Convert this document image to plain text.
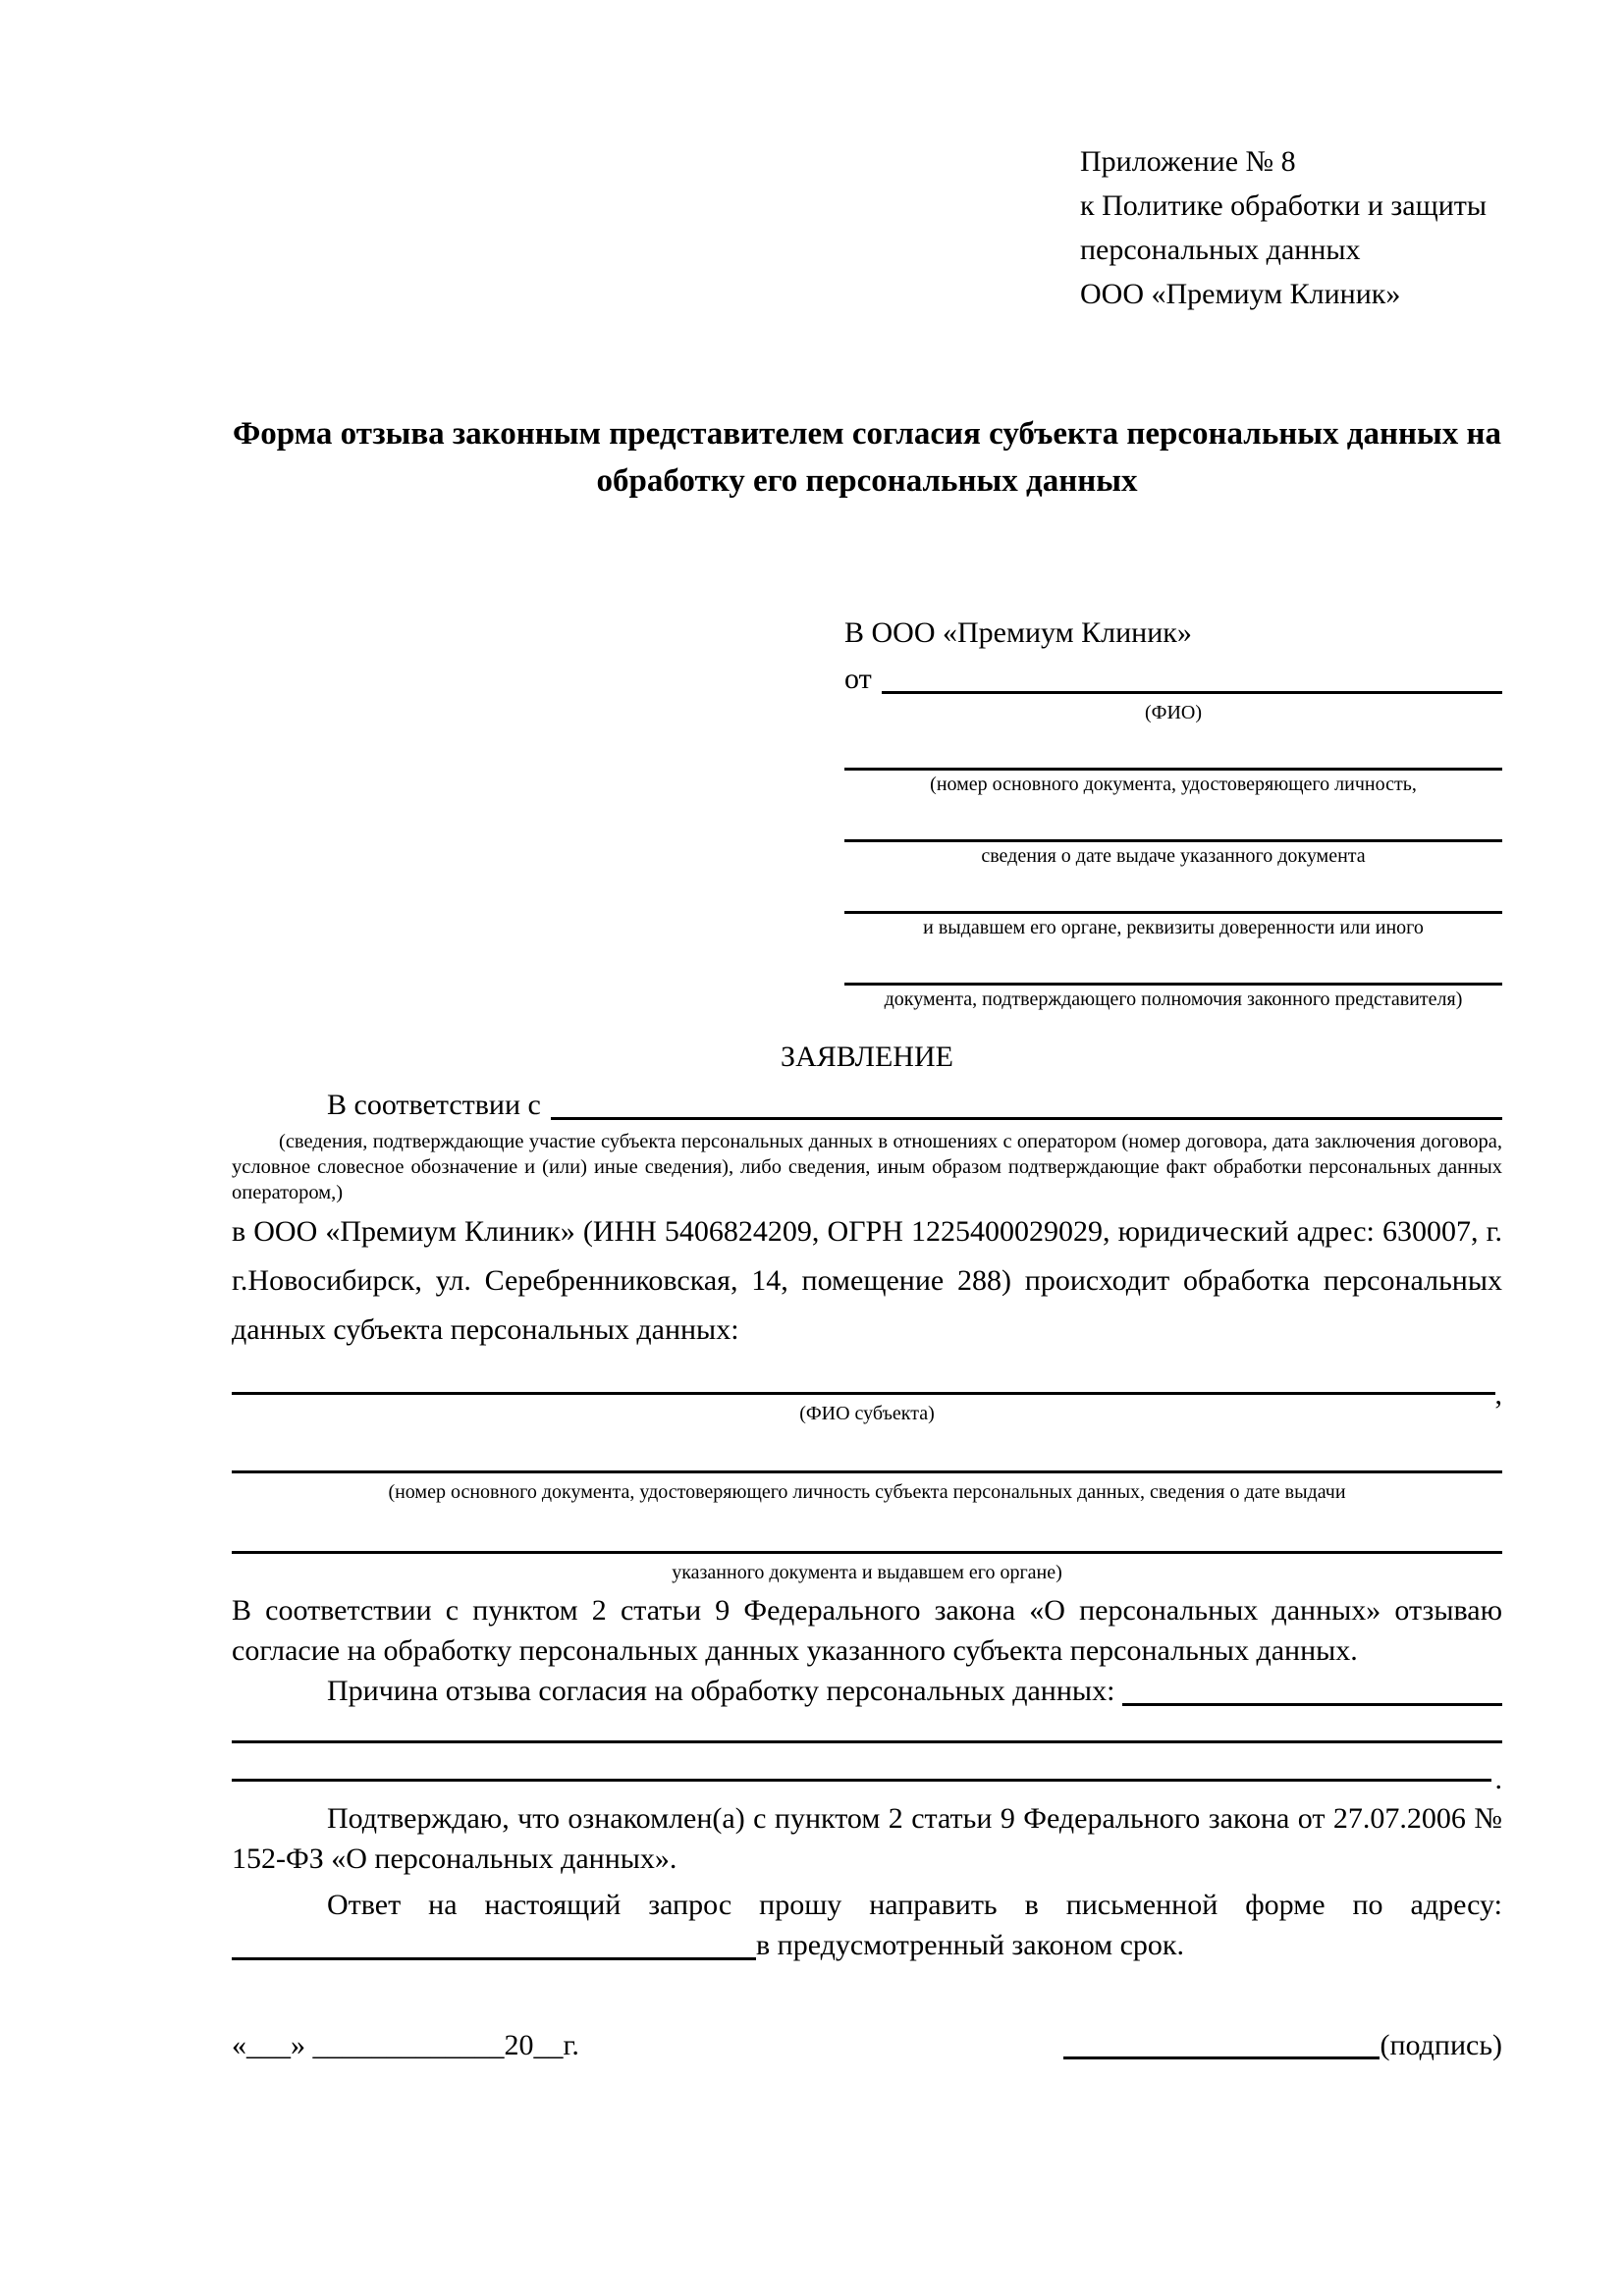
Приложение № 8
к Политике обработки и защиты
персональных данных
ООО «Премиум Клиник»
Форма отзыва законным представителем согласия субъекта персональных данных на обработку его персональных данных
В ООО «Премиум Клиник»
от
(ФИО)
(номер основного документа, удостоверяющего личность,
сведения о дате выдаче указанного документа
и выдавшем его органе, реквизиты доверенности или иного
документа, подтверждающего полномочия законного представителя)
ЗАЯВЛЕНИЕ
В соответствии с
(сведения, подтверждающие участие субъекта персональных данных в отношениях с оператором (номер договора, дата заключения договора, условное словесное обозначение и (или) иные сведения), либо сведения, иным образом подтверждающие факт обработки персональных данных оператором,)
в ООО «Премиум Клиник» (ИНН 5406824209, ОГРН 1225400029029, юридический адрес: 630007, г. г.Новосибирск, ул. Серебренниковская, 14, помещение 288) происходит обработка персональных данных субъекта персональных данных:
,
(ФИО субъекта)
(номер основного документа, удостоверяющего личность субъекта персональных данных, сведения о дате выдачи
указанного документа и выдавшем его органе)
В соответствии с пунктом 2 статьи 9 Федерального закона «О персональных данных» отзываю согласие на обработку персональных данных указанного субъекта персональных данных.
Причина отзыва согласия на обработку персональных данных:
.
Подтверждаю, что ознакомлен(а) с пунктом 2 статьи 9 Федерального закона от 27.07.2006 № 152-ФЗ «О персональных данных».
Ответ на настоящий запрос прошу направить в письменной форме по адресу:
в предусмотренный законом срок.
«___» _____________20__г.	(подпись)
